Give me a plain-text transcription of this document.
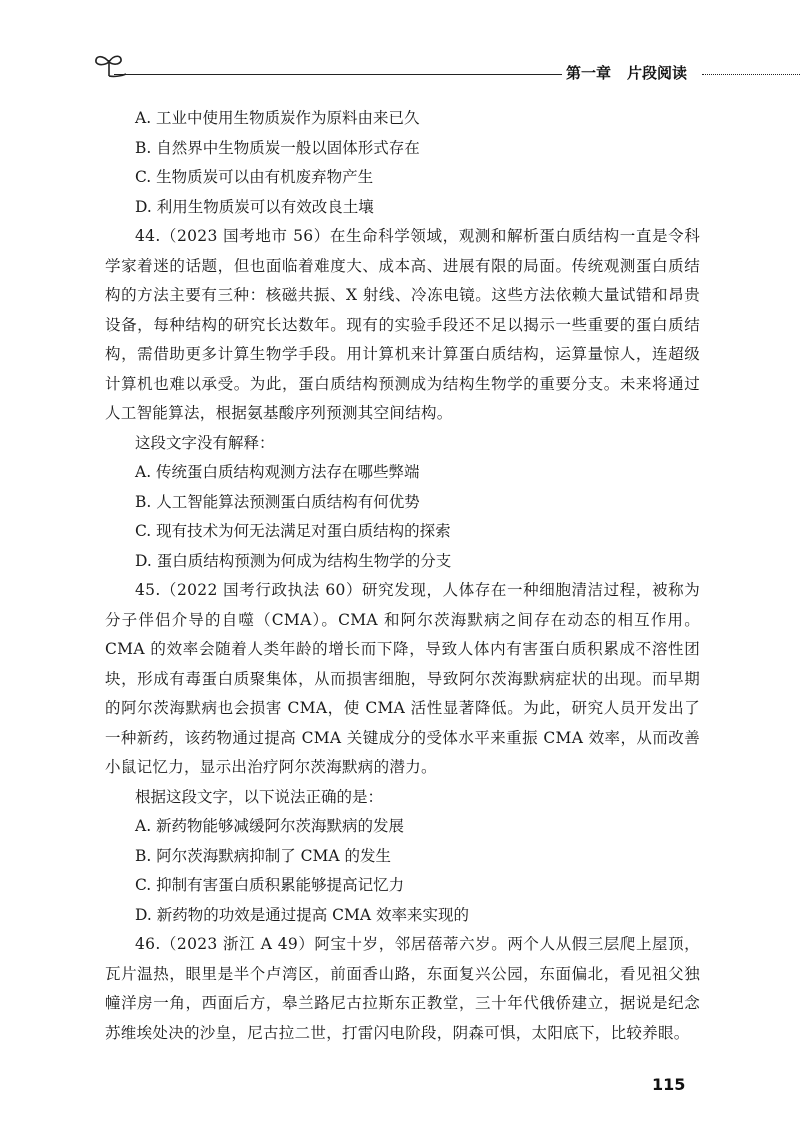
第一章 片段阅读
A. 工业中使用生物质炭作为原料由来已久
B. 自然界中生物质炭一般以固体形式存在
C. 生物质炭可以由有机废弃物产生
D. 利用生物质炭可以有效改良土壤
44.（2023 国考地市 56）在生命科学领域，观测和解析蛋白质结构一直是令科学家着迷的话题，但也面临着难度大、成本高、进展有限的局面。传统观测蛋白质结构的方法主要有三种：核磁共振、X 射线、冷冻电镜。这些方法依赖大量试错和昂贵设备，每种结构的研究长达数年。现有的实验手段还不足以揭示一些重要的蛋白质结构，需借助更多计算生物学手段。用计算机来计算蛋白质结构，运算量惊人，连超级计算机也难以承受。为此，蛋白质结构预测成为结构生物学的重要分支。未来将通过人工智能算法，根据氨基酸序列预测其空间结构。
这段文字没有解释：
A. 传统蛋白质结构观测方法存在哪些弊端
B. 人工智能算法预测蛋白质结构有何优势
C. 现有技术为何无法满足对蛋白质结构的探索
D. 蛋白质结构预测为何成为结构生物学的分支
45.（2022 国考行政执法 60）研究发现，人体存在一种细胞清洁过程，被称为分子伴侣介导的自噬（CMA）。CMA 和阿尔茨海默病之间存在动态的相互作用。CMA 的效率会随着人类年龄的增长而下降，导致人体内有害蛋白质积累成不溶性团块，形成有毒蛋白质聚集体，从而损害细胞，导致阿尔茨海默病症状的出现。而早期的阿尔茨海默病也会损害 CMA，使 CMA 活性显著降低。为此，研究人员开发出了一种新药，该药物通过提高 CMA 关键成分的受体水平来重振 CMA 效率，从而改善小鼠记忆力，显示出治疗阿尔茨海默病的潜力。
根据这段文字，以下说法正确的是：
A. 新药物能够减缓阿尔茨海默病的发展
B. 阿尔茨海默病抑制了 CMA 的发生
C. 抑制有害蛋白质积累能够提高记忆力
D. 新药物的功效是通过提高 CMA 效率来实现的
46.（2023 浙江 A 49）阿宝十岁，邻居蓓蒂六岁。两个人从假三层爬上屋顶，瓦片温热，眼里是半个卢湾区，前面香山路，东面复兴公园，东面偏北，看见祖父独幢洋房一角，西面后方，皋兰路尼古拉斯东正教堂，三十年代俄侨建立，据说是纪念苏维埃处决的沙皇，尼古拉二世，打雷闪电阶段，阴森可惧，太阳底下，比较养眼。
115
